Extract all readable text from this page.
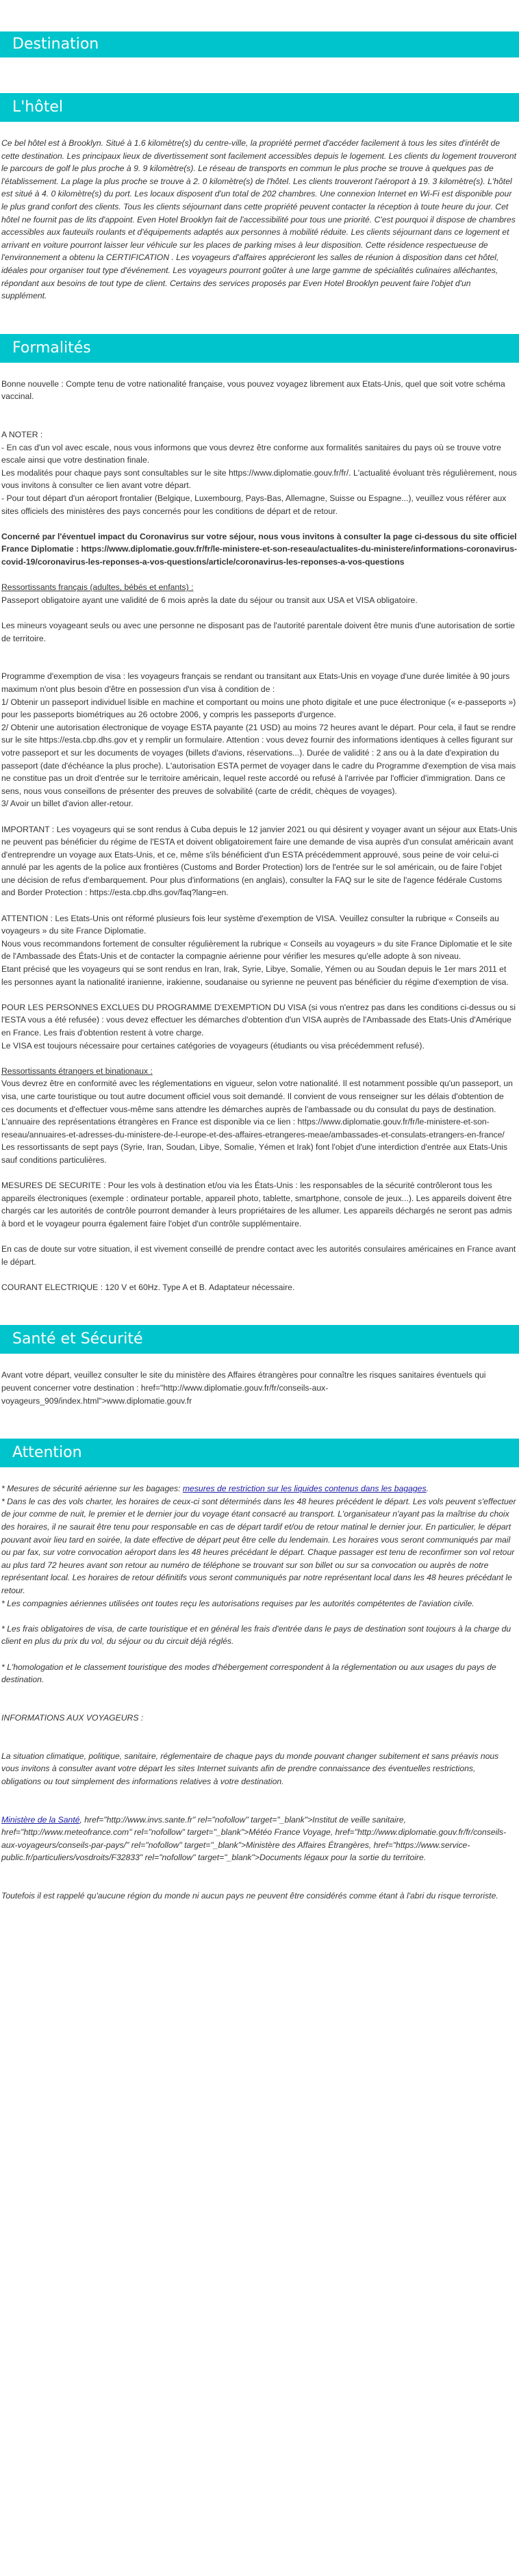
Destination
L'hôtel

Ce bel hôtel est à Brooklyn. Situé à 1.6 kilomètre(s) du centre-ville, la propriété permet d'accéder facilement à tous les sites d'intérêt de cette destination. Les principaux lieux de divertissement sont facilement accessibles depuis le logement. Les clients du logement trouveront le parcours de golf le plus proche à 9. 9 kilomètre(s). Le réseau de transports en commun le plus proche se trouve à quelques pas de l'établissement. La plage la plus proche se trouve à 2. 0 kilomètre(s) de l'hôtel. Les clients trouveront l'aéroport à 19. 3 kilomètre(s). L'hôtel est situé à 4. 0 kilomètre(s) du port. Les locaux disposent d'un total de 202 chambres. Une connexion Internet en Wi-Fi est disponible pour le plus grand confort des clients. Tous les clients séjournant dans cette propriété peuvent contacter la réception à toute heure du jour. Cet hôtel ne fournit pas de lits d'appoint. Even Hotel Brooklyn fait de l'accessibilité pour tous une priorité. C'est pourquoi il dispose de chambres accessibles aux fauteuils roulants et d'équipements adaptés aux personnes à mobilité réduite. Les clients séjournant dans ce logement et arrivant en voiture pourront laisser leur véhicule sur les places de parking mises à leur disposition. Cette résidence respectueuse de l'environnement a obtenu la CERTIFICATION . Les voyageurs d'affaires apprécieront les salles de réunion à disposition dans cet hôtel, idéales pour organiser tout type d'événement. Les voyageurs pourront goûter à une large gamme de spécialités culinaires alléchantes, répondant aux besoins de tout type de client. Certains des services proposés par Even Hotel Brooklyn peuvent faire l'objet d'un supplément.

Formalités

Bonne nouvelle : Compte tenu de votre nationalité française, vous pouvez voyagez librement aux Etats-Unis, quel que soit votre schéma vaccinal.

A NOTER :

- En cas d'un vol avec escale, nous vous informons que vous devrez être conforme aux formalités sanitaires du pays où se trouve votre escale ainsi que votre destination finale.

Les modalités pour chaque pays sont consultables sur le site https://www.diplomatie.gouv.fr/fr/. L'actualité évoluant très régulièrement, nous vous invitons à consulter ce lien avant votre départ.

- Pour tout départ d'un aéroport frontalier (Belgique, Luxembourg, Pays-Bas, Allemagne, Suisse ou Espagne...), veuillez vous référer aux sites officiels des ministères des pays concernés pour les conditions de départ et de retour.

Concerné par l'éventuel impact du Coronavirus sur votre séjour, nous vous invitons à consulter la page ci-dessous du site officiel France Diplomatie : https://www.diplomatie.gouv.fr/fr/le-ministere-et-son-reseau/actualites-du-ministere/informations-coronavirus-covid-19/coronavirus-les-reponses-a-vos-questions/article/coronavirus-les-reponses-a-vos-questions

Ressortissants français (adultes, bébés et enfants) :

Passeport obligatoire ayant une validité de 6 mois après la date du séjour ou transit aux USA et VISA obligatoire.

Les mineurs voyageant seuls ou avec une personne ne disposant pas de l'autorité parentale doivent être munis d'une autorisation de sortie de territoire.

Programme d'exemption de visa : les voyageurs français se rendant ou transitant aux Etats-Unis en voyage d'une durée limitée à 90 jours maximum n'ont plus besoin d'être en possession d'un visa à condition de :

1/ Obtenir un passeport individuel lisible en machine et comportant ou moins une photo digitale et une puce électronique (« e-passeports ») pour les passeports biométriques au 26 octobre 2006, y compris les passeports d'urgence.

2/ Obtenir une autorisation électronique de voyage ESTA payante (21 USD) au moins 72 heures avant le départ. Pour cela, il faut se rendre sur le site https://esta.cbp.dhs.gov et y remplir un formulaire. Attention : vous devez fournir des informations identiques à celles figurant sur votre passeport et sur les documents de voyages (billets d'avions, réservations...). Durée de validité : 2 ans ou à la date d'expiration du passeport (date d'échéance la plus proche). L'autorisation ESTA permet de voyager dans le cadre du Programme d'exemption de visa mais ne constitue pas un droit d'entrée sur le territoire américain, lequel reste accordé ou refusé à l'arrivée par l'officier d'immigration. Dans ce sens, nous vous conseillons de présenter des preuves de solvabilité (carte de crédit, chèques de voyages).

3/ Avoir un billet d'avion aller-retour.

IMPORTANT : Les voyageurs qui se sont rendus à Cuba depuis le 12 janvier 2021 ou qui désirent y voyager avant un séjour aux Etats-Unis ne peuvent pas bénéficier du régime de l'ESTA et doivent obligatoirement faire une demande de visa auprès d'un consulat américain avant d'entreprendre un voyage aux Etats-Unis, et ce, même s'ils bénéficient d'un ESTA précédemment approuvé, sous peine de voir celui-ci annulé par les agents de la police aux frontières (Customs and Border Protection) lors de l'entrée sur le sol américain, ou de faire l'objet une décision de refus d'embarquement. Pour plus d'informations (en anglais), consulter la FAQ sur le site de l'agence fédérale Customs and Border Protection : https://esta.cbp.dhs.gov/faq?lang=en.

ATTENTION : Les Etats-Unis ont réformé plusieurs fois leur système d'exemption de VISA. Veuillez consulter la rubrique « Conseils au voyageurs » du site France Diplomatie.

Nous vous recommandons fortement de consulter régulièrement la rubrique « Conseils au voyageurs » du site France Diplomatie et le site de l'Ambassade des États-Unis et de contacter la compagnie aérienne pour vérifier les mesures qu'elle adopte à son niveau.

Etant précisé que les voyageurs qui se sont rendus en Iran, Irak, Syrie, Libye, Somalie, Yémen ou au Soudan depuis le 1er mars 2011 et les personnes ayant la nationalité iranienne, irakienne, soudanaise ou syrienne ne peuvent pas bénéficier du régime d'exemption de visa.

POUR LES PERSONNES EXCLUES DU PROGRAMME D'EXEMPTION DU VISA (si vous n'entrez pas dans les conditions ci-dessus ou si l'ESTA vous a été refusée) : vous devez effectuer les démarches d'obtention d'un VISA auprès de l'Ambassade des Etats-Unis d'Amérique en France. Les frais d'obtention restent à votre charge.

Le VISA est toujours nécessaire pour certaines catégories de voyageurs (étudiants ou visa précédemment refusé).

Ressortissants étrangers et binationaux :

Vous devrez être en conformité avec les réglementations en vigueur, selon votre nationalité. Il est notamment possible qu'un passeport, un visa, une carte touristique ou tout autre document officiel vous soit demandé. Il convient de vous renseigner sur les délais d'obtention de ces documents et d'effectuer vous-même sans attendre les démarches auprès de l'ambassade ou du consulat du pays de destination.

L'annuaire des représentations étrangères en France est disponible via ce lien : https://www.diplomatie.gouv.fr/fr/le-ministere-et-son-reseau/annuaires-et-adresses-du-ministere-de-l-europe-et-des-affaires-etrangeres-meae/ambassades-et-consulats-etrangers-en-france/

Les ressortissants de sept pays (Syrie, Iran, Soudan, Libye, Somalie, Yémen et Irak) font l'objet d'une interdiction d'entrée aux Etats-Unis sauf conditions particulières.

MESURES DE SECURITE : Pour les vols à destination et/ou via les États-Unis : les responsables de la sécurité contrôleront tous les appareils électroniques (exemple : ordinateur portable, appareil photo, tablette, smartphone, console de jeux...). Les appareils doivent être chargés car les autorités de contrôle pourront demander à leurs propriétaires de les allumer. Les appareils déchargés ne seront pas admis à bord et le voyageur pourra également faire l'objet d'un contrôle supplémentaire.

En cas de doute sur votre situation, il est vivement conseillé de prendre contact avec les autorités consulaires américaines en France avant le départ.

COURANT ELECTRIQUE : 120 V et 60Hz. Type A et B. Adaptateur nécessaire.

Santé et Sécurité

Avant votre départ, veuillez consulter le site du ministère des Affaires étrangères pour connaître les risques sanitaires éventuels qui peuvent concerner votre destination : href="http://www.diplomatie.gouv.fr/fr/conseils-aux-voyageurs_909/index.html">www.diplomatie.gouv.fr

Attention

* Mesures de sécurité aérienne sur les bagages: mesures de restriction sur les liquides contenus dans les bagages.

* Dans le cas des vols charter, les horaires de ceux-ci sont déterminés dans les 48 heures précédent le départ. Les vols peuvent s'effectuer de jour comme de nuit, le premier et le dernier jour du voyage étant consacré au transport. L'organisateur n'ayant pas la maîtrise du choix des horaires, il ne saurait être tenu pour responsable en cas de départ tardif et/ou de retour matinal le dernier jour. En particulier, le départ pouvant avoir lieu tard en soirée, la date effective de départ peut être celle du lendemain. Les horaires vous seront communiqués par mail ou par fax, sur votre convocation aéroport dans les 48 heures précédant le départ. Chaque passager est tenu de reconfirmer son vol retour au plus tard 72 heures avant son retour au numéro de téléphone se trouvant sur son billet ou sur sa convocation ou auprès de notre représentant local. Les horaires de retour définitifs vous seront communiqués par notre représentant local dans les 48 heures précédant le retour.

* Les compagnies aériennes utilisées ont toutes reçu les autorisations requises par les autorités compétentes de l'aviation civile.

* Les frais obligatoires de visa, de carte touristique et en général les frais d'entrée dans le pays de destination sont toujours à la charge du client en plus du prix du vol, du séjour ou du circuit déjà réglés.

* L'homologation et le classement touristique des modes d'hébergement correspondent à la réglementation ou aux usages du pays de destination.

INFORMATIONS AUX VOYAGEURS :

La situation climatique, politique, sanitaire, réglementaire de chaque pays du monde pouvant changer subitement et sans préavis nous vous invitons à consulter avant votre départ les sites Internet suivants afin de prendre connaissance des éventuelles restrictions, obligations ou tout simplement des informations relatives à votre destination.

Ministère de la Santé, href="http://www.invs.sante.fr" rel="nofollow" target="_blank">Institut de veille sanitaire, href="http://www.meteofrance.com" rel="nofollow" target="_blank">Météo France Voyage, href="http://www.diplomatie.gouv.fr/fr/conseils-aux-voyageurs/conseils-par-pays/" rel="nofollow" target="_blank">Ministère des Affaires Étrangères, href="https://www.service-public.fr/particuliers/vosdroits/F32833" rel="nofollow" target="_blank">Documents légaux pour la sortie du territoire.

Toutefois il est rappelé qu'aucune région du monde ni aucun pays ne peuvent être considérés comme étant à l'abri du risque terroriste.
